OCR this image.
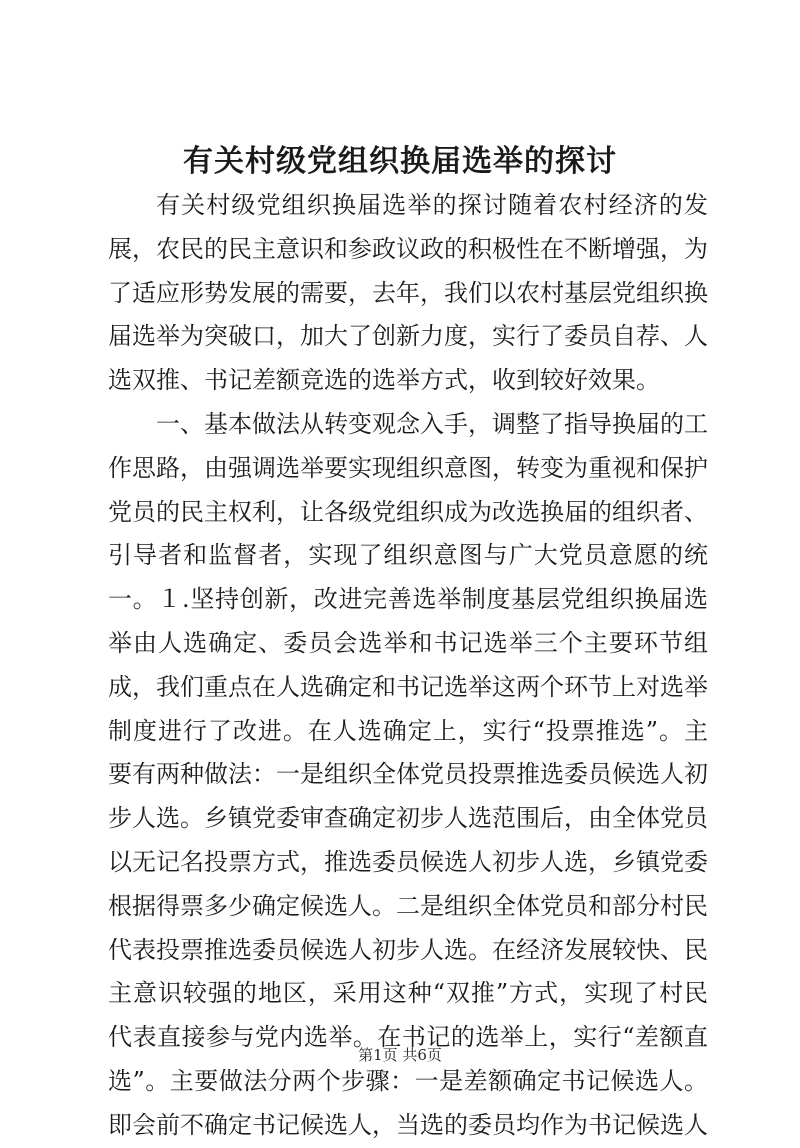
有关村级党组织换届选举的探讨

有关村级党组织换届选举的探讨随着农村经济的发展，农民的民主意识和参政议政的积极性在不断增强，为了适应形势发展的需要，去年，我们以农村基层党组织换届选举为突破口，加大了创新力度，实行了委员自荐、人选双推、书记差额竞选的选举方式，收到较好效果。

一、基本做法从转变观念入手，调整了指导换届的工作思路，由强调选举要实现组织意图，转变为重视和保护党员的民主权利，让各级党组织成为改选换届的组织者、引导者和监督者，实现了组织意图与广大党员意愿的统一。１.坚持创新，改进完善选举制度基层党组织换届选举由人选确定、委员会选举和书记选举三个主要环节组成，我们重点在人选确定和书记选举这两个环节上对选举制度进行了改进。在人选确定上，实行“投票推选”。主要有两种做法：一是组织全体党员投票推选委员候选人初步人选。乡镇党委审查确定初步人选范围后，由全体党员以无记名投票方式，推选委员候选人初步人选，乡镇党委根据得票多少确定候选人。二是组织全体党员和部分村民代表投票推选委员候选人初步人选。在经济发展较快、民主意识较强的地区，采用这种“双推”方式，实现了村民代表直接参与党内选举。在书记的选举上，实行“差额直选”。主要做法分两个步骤：一是差额确定书记候选人。即会前不确定书记候选人，当选的委员均作为书记候选人

第1页 共6页
